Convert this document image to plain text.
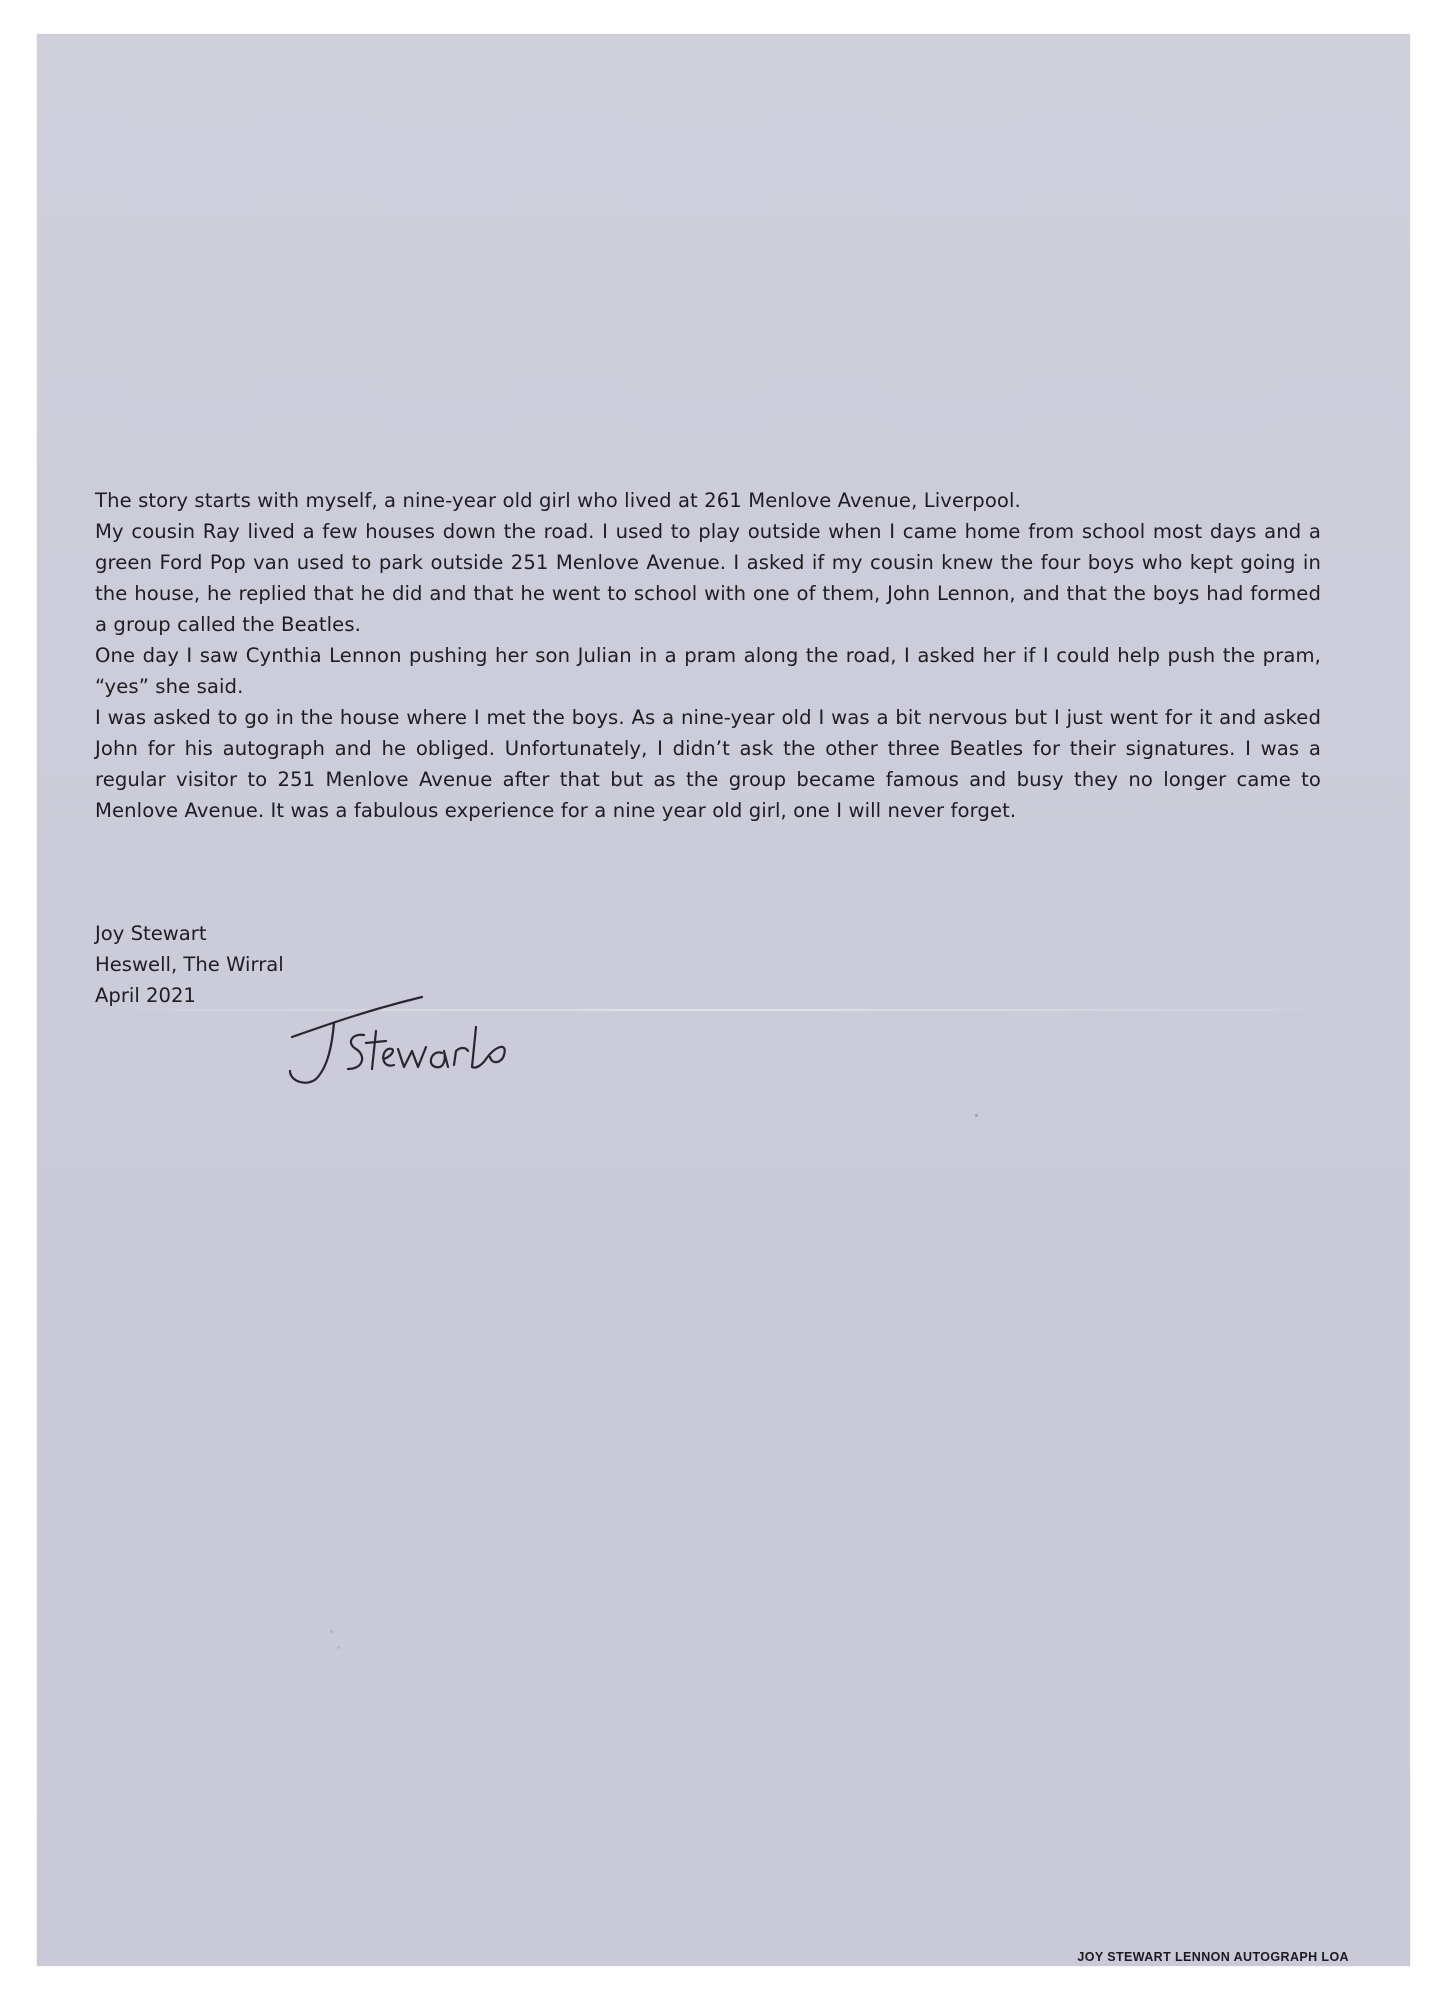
The story starts with myself, a nine-year old girl who lived at 261 Menlove Avenue, Liverpool.

My cousin Ray lived a few houses down the road. I used to play outside when I came home from school most days and a green Ford Pop van used to park outside 251 Menlove Avenue. I asked if my cousin knew the four boys who kept going in the house, he replied that he did and that he went to school with one of them, John Lennon, and that the boys had formed a group called the Beatles.

One day I saw Cynthia Lennon pushing her son Julian in a pram along the road, I asked her if I could help push the pram, “yes” she said.

I was asked to go in the house where I met the boys. As a nine-year old I was a bit nervous but I just went for it and asked John for his autograph and he obliged. Unfortunately, I didn’t ask the other three Beatles for their signatures. I was a regular visitor to 251 Menlove Avenue after that but as the group became famous and busy they no longer came to Menlove Avenue. It was a fabulous experience for a nine year old girl, one I will never forget.

Joy Stewart
Heswell, The Wirral
April 2021
JOY STEWART LENNON AUTOGRAPH LOA
